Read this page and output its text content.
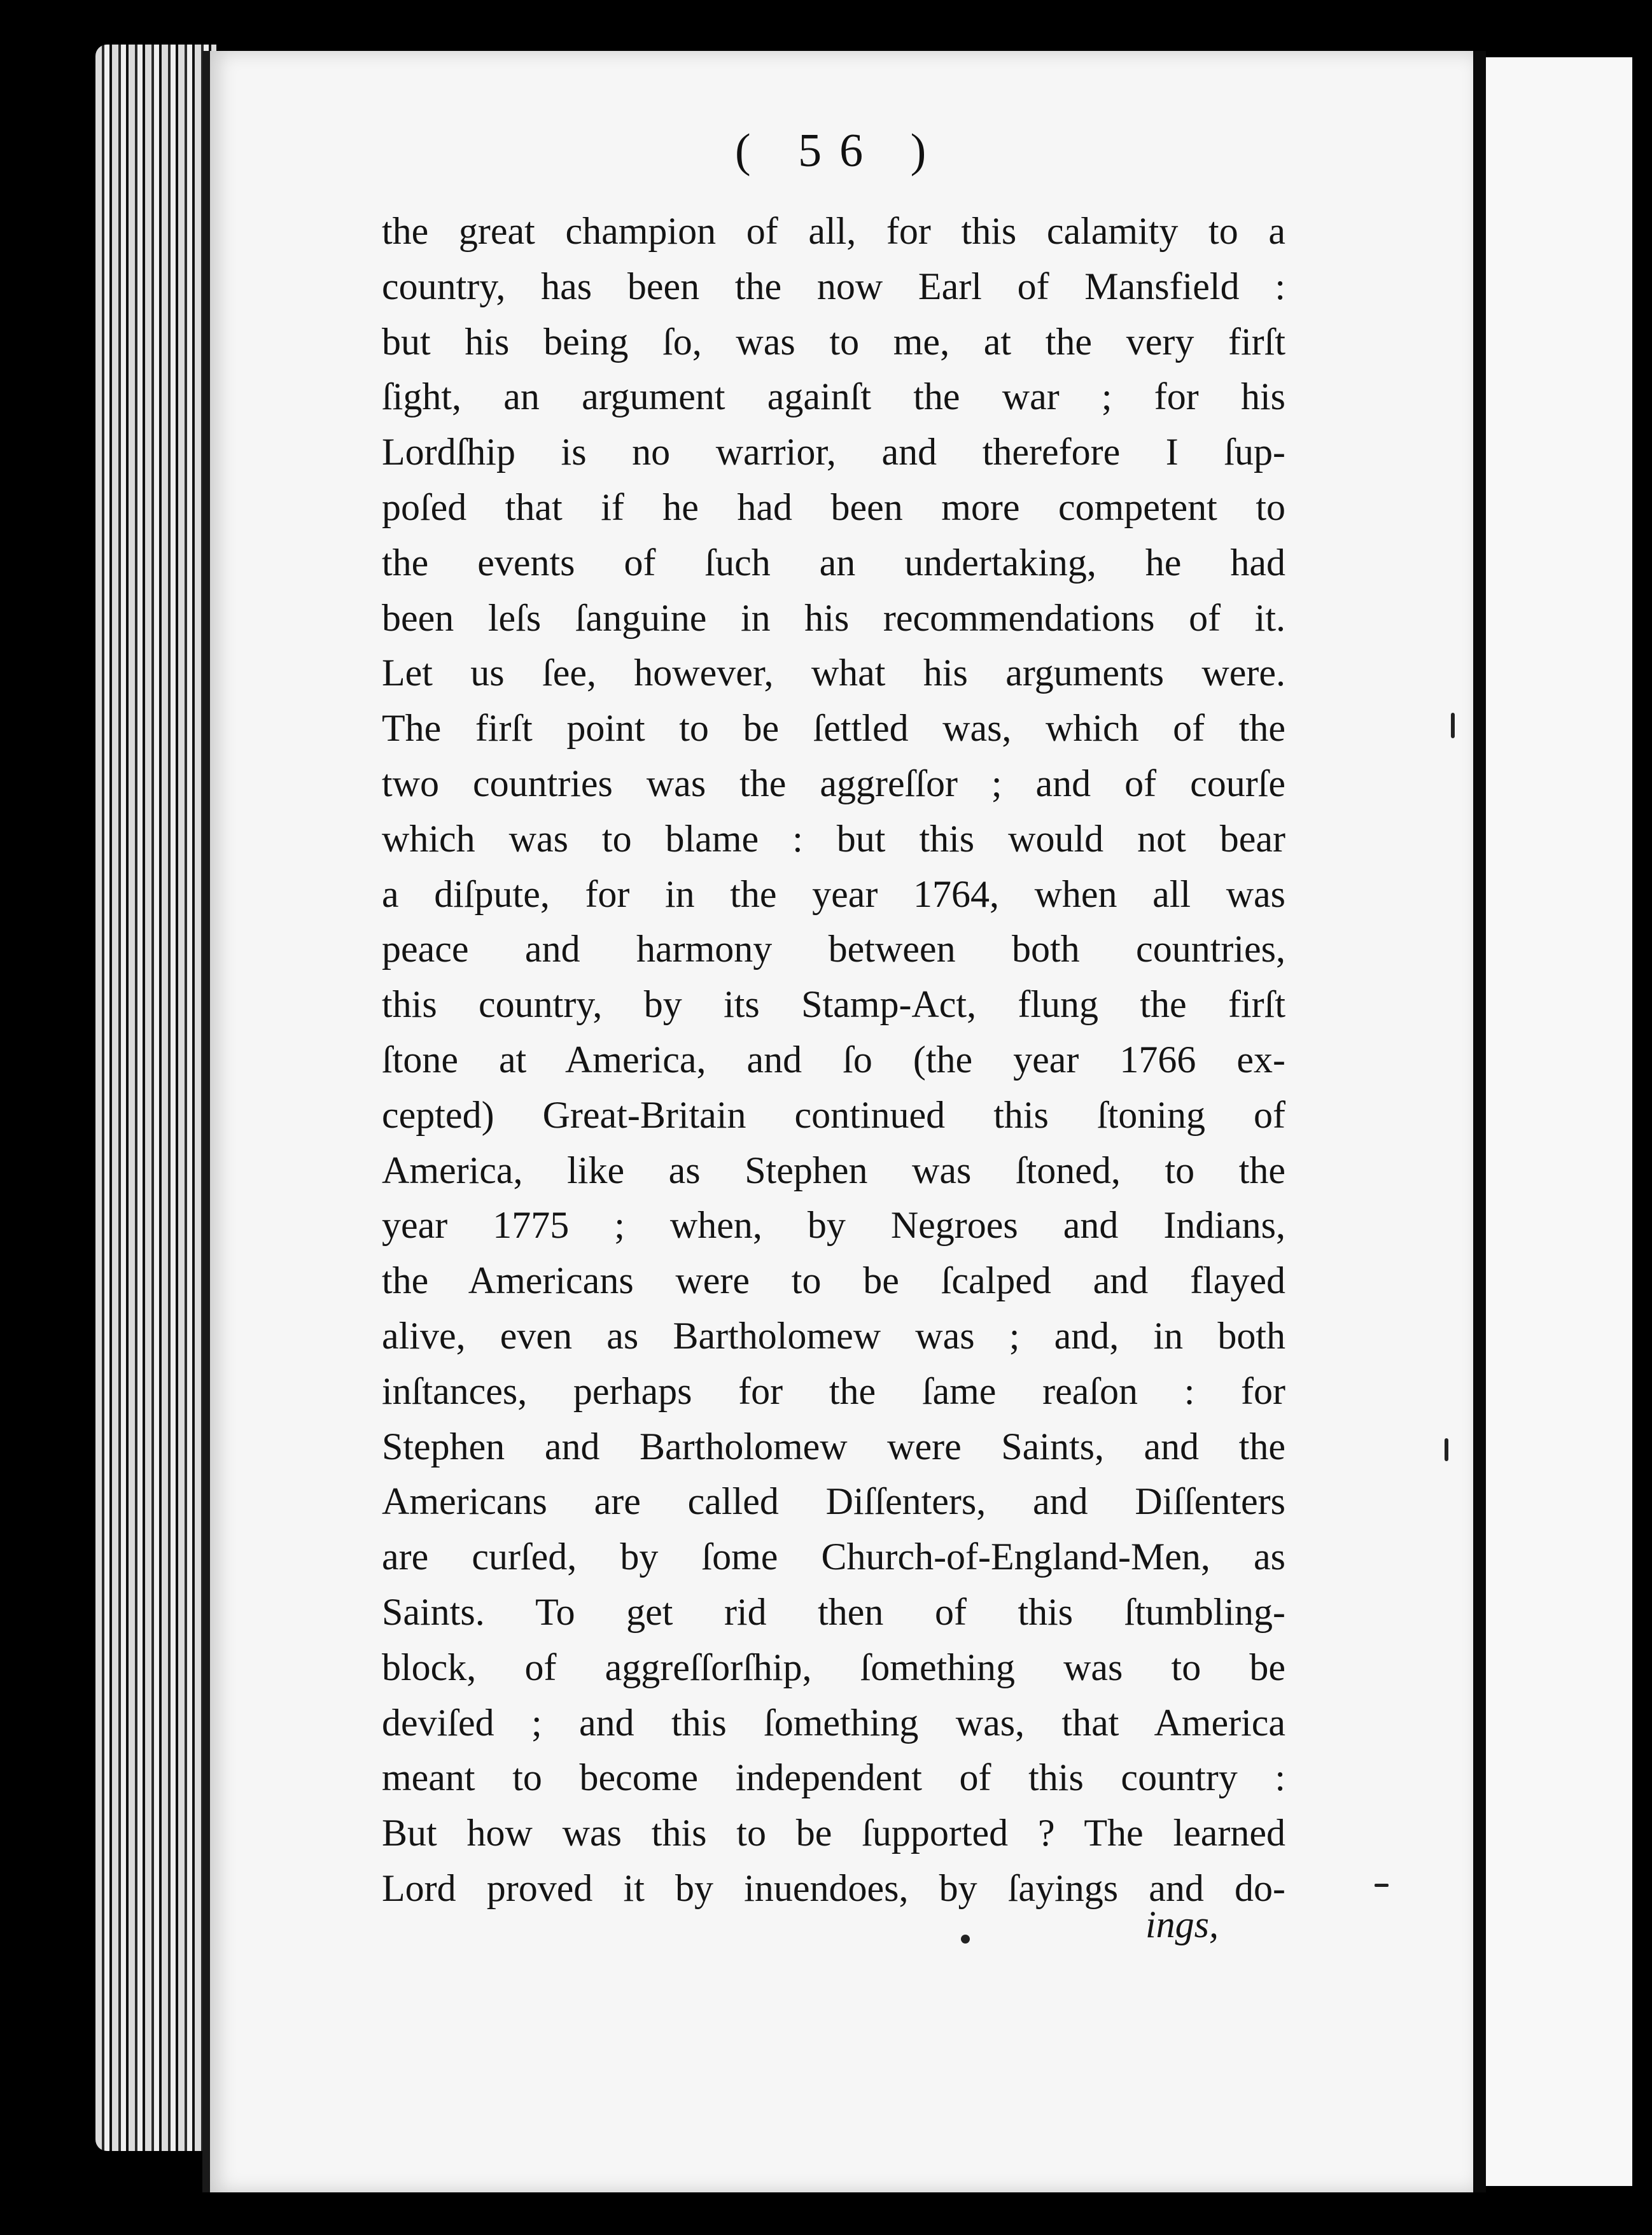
( 56 )
the great champion of all, for this calamity to a
country, has been the now Earl of Mansfield :
but his being ſo, was to me, at the very firſt
ſight, an argument againſt the war ; for his
Lordſhip is no warrior, and therefore I ſup-
poſed that if he had been more competent to
the events of ſuch an undertaking, he had
been leſs ſanguine in his recommendations of it.
Let us ſee, however, what his arguments were.
The firſt point to be ſettled was, which of the
two countries was the aggreſſor ; and of courſe
which was to blame : but this would not bear
a diſpute, for in the year 1764, when all was
peace and harmony between both countries,
this country, by its Stamp-Act, flung the firſt
ſtone at America, and ſo (the year 1766 ex-
cepted) Great-Britain continued this ſtoning of
America, like as Stephen was ſtoned, to the
year 1775 ; when, by Negroes and Indians,
the Americans were to be ſcalped and flayed
alive, even as Bartholomew was ; and, in both
inſtances, perhaps for the ſame reaſon : for
Stephen and Bartholomew were Saints, and the
Americans are called Diſſenters, and Diſſenters
are curſed, by ſome Church-of-England-Men, as
Saints. To get rid then of this ſtumbling-
block, of aggreſſorſhip, ſomething was to be
deviſed ; and this ſomething was, that America
meant to become independent of this country :
But how was this to be ſupported ? The learned
Lord proved it by inuendoes, by ſayings and do-
ings,
